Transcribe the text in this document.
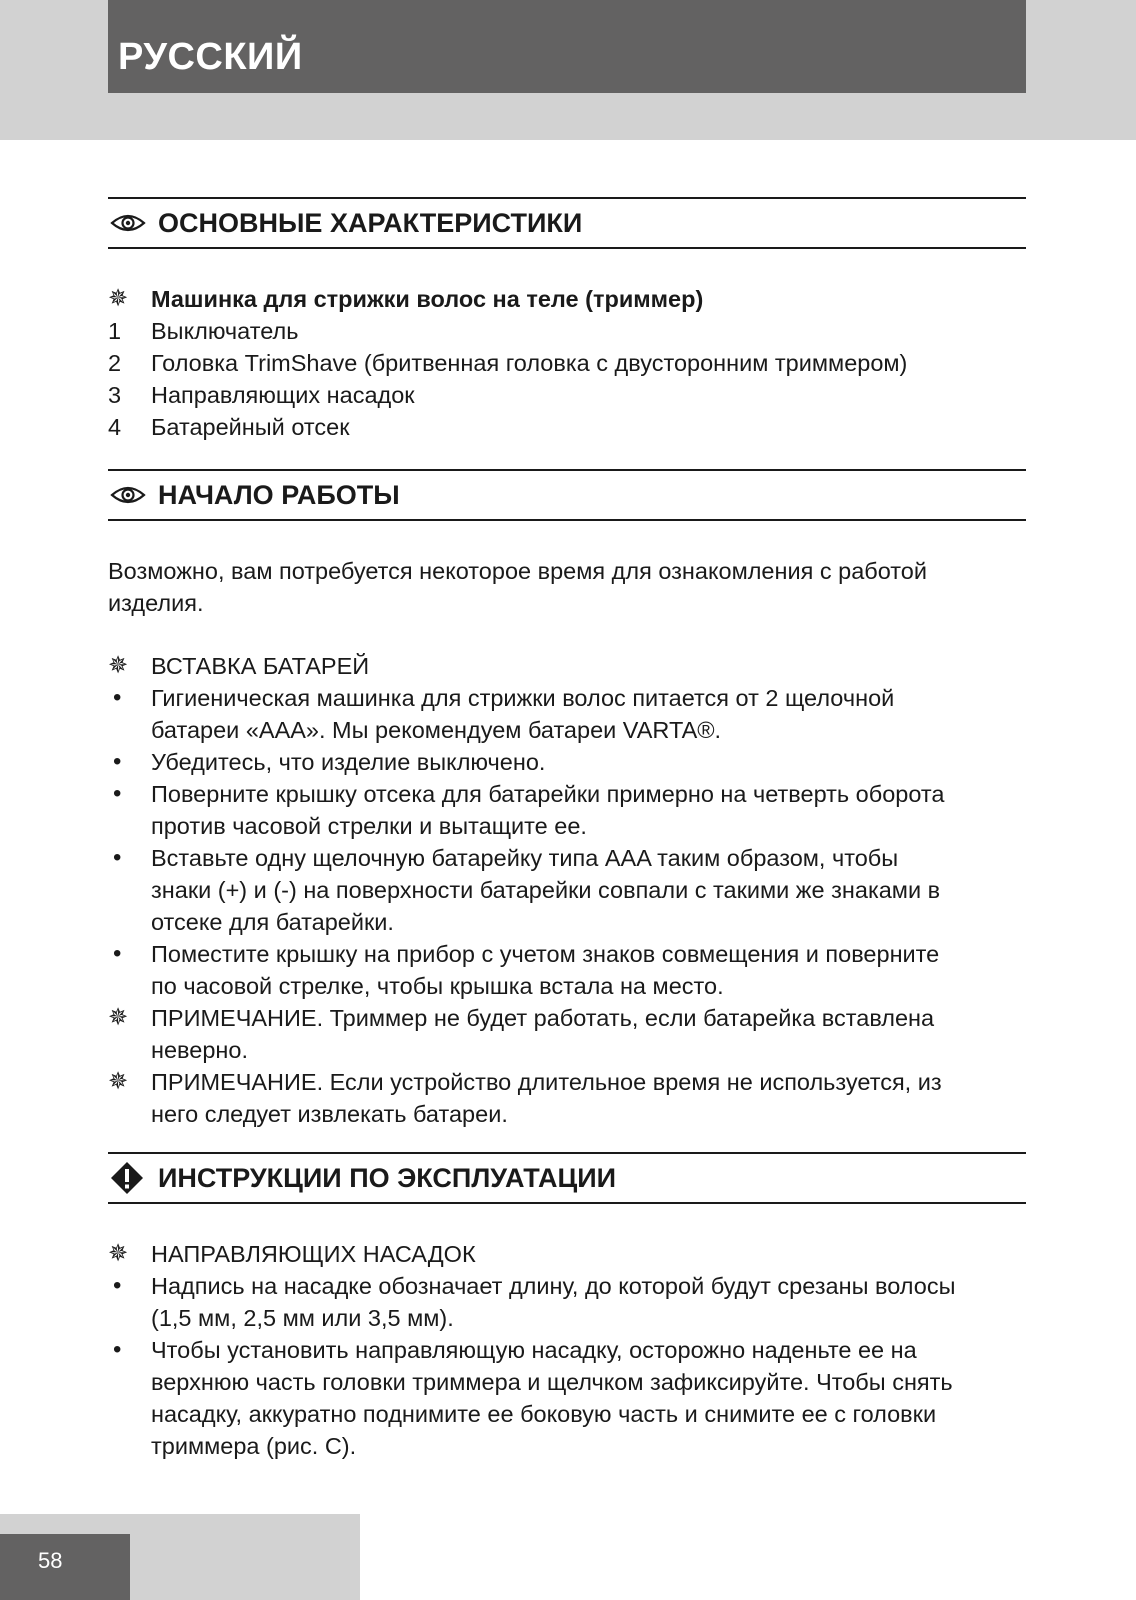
РУССКИЙ
ОСНОВНЫЕ ХАРАКТЕРИСТИКИ
✵ Машинка для стрижки волос на теле (триммер)
1	Выключатель
2	Головка TrimShave (бритвенная головка с двусторонним триммером)
3	Направляющих насадок
4	Батарейный отсек
НАЧАЛО РАБОТЫ
Возможно, вам потребуется некоторое время для ознакомления с работой
изделия.
✵ ВСТАВКА БАТАРЕЙ
•	Гигиеническая машинка для стрижки волос питается от 2 щелочной
батареи «AAA». Мы рекомендуем батареи VARTA®.
•	Убедитесь, что изделие выключено.
•	Поверните крышку отсека для батарейки примерно на четверть оборота
против часовой стрелки и вытащите ее.
•	Вставьте одну щелочную батарейку типа AAA таким образом, чтобы
знаки (+) и (-) на поверхности батарейки совпали с такими же знаками в
отсеке для батарейки.
•	Поместите крышку на прибор с учетом знаков совмещения и поверните
по часовой стрелке, чтобы крышка встала на место.
✵ ПРИМЕЧАНИЕ. Триммер не будет работать, если батарейка вставлена
неверно.
✵ ПРИМЕЧАНИЕ. Если устройство длительное время не используется, из
него следует извлекать батареи.
ИНСТРУКЦИИ ПО ЭКСПЛУАТАЦИИ
✵ НАПРАВЛЯЮЩИХ НАСАДОК
•	Надпись на насадке обозначает длину, до которой будут срезаны волосы
(1,5 мм, 2,5 мм или 3,5 мм).
•	Чтобы установить направляющую насадку, осторожно наденьте ее на
верхнюю часть головки триммера и щелчком зафиксируйте. Чтобы снять
насадку, аккуратно поднимите ее боковую часть и снимите ее с головки
триммера (рис. C).
58
